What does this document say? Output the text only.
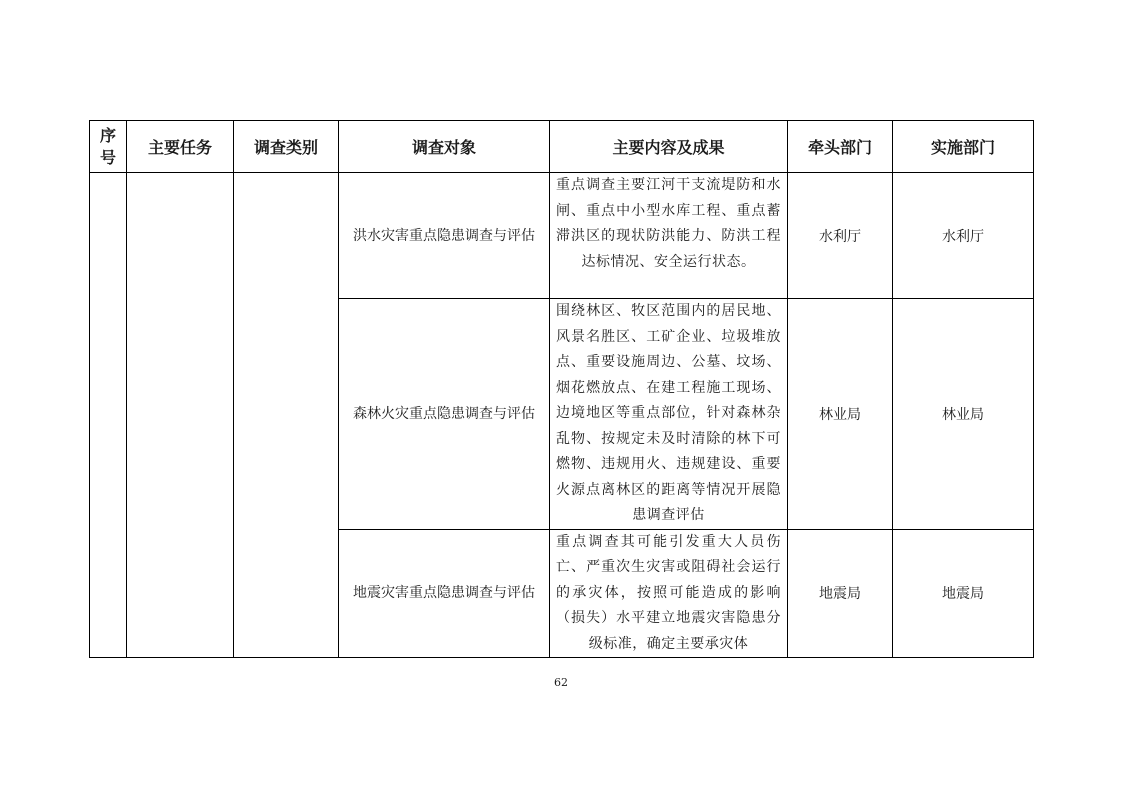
序
号	主要任务	调查类别	调查对象	主要内容及成果	牵头部门	实施部门
			洪水灾害重点隐患调查与评估	重点调查主要江河干支流堤防和水闸、重点中小型水库工程、重点蓄滞洪区的现状防洪能力、防洪工程达标情况、安全运行状态。	水利厅	水利厅
			森林火灾重点隐患调查与评估	围绕林区、牧区范围内的居民地、风景名胜区、工矿企业、垃圾堆放点、重要设施周边、公墓、坟场、烟花燃放点、在建工程施工现场、边境地区等重点部位，针对森林杂乱物、按规定未及时清除的林下可燃物、违规用火、违规建设、重要火源点离林区的距离等情况开展隐患调查评估	林业局	林业局
			地震灾害重点隐患调查与评估	重点调查其可能引发重大人员伤亡、严重次生灾害或阻碍社会运行的承灾体，按照可能造成的影响（损失）水平建立地震灾害隐患分级标准，确定主要承灾体	地震局	地震局
62
